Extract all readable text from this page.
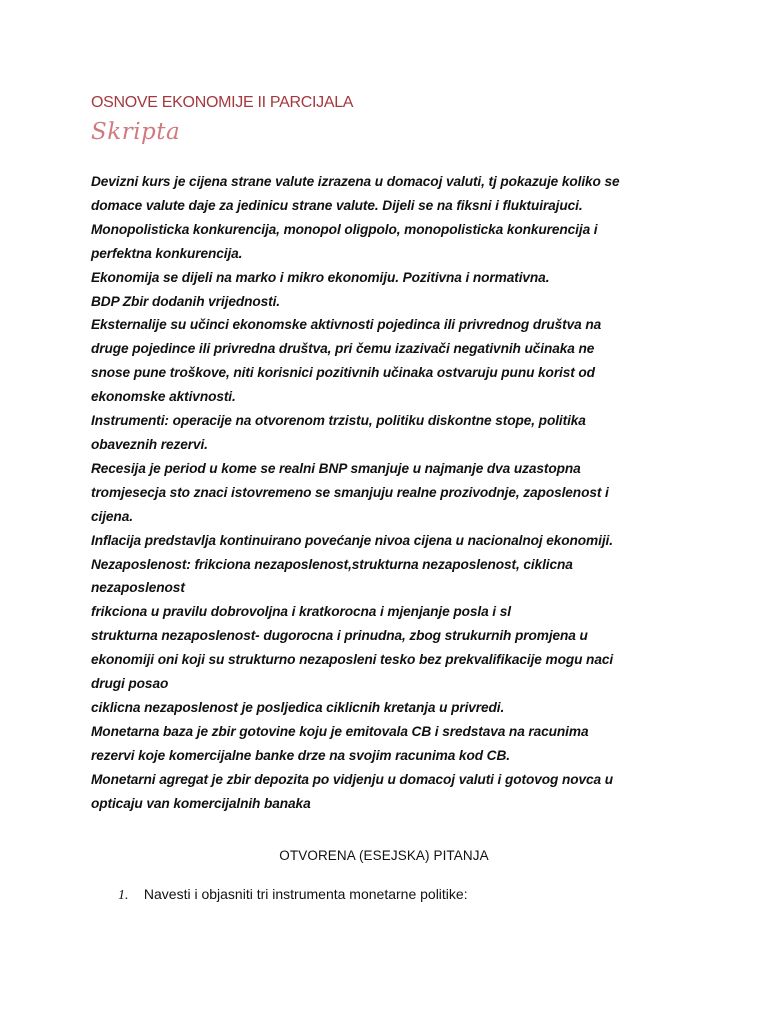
OSNOVE EKONOMIJE II PARCIJALA
Skripta
Devizni kurs je cijena strane valute izrazena u domacoj valuti, tj pokazuje koliko se
domace valute daje za jedinicu strane valute. Dijeli se na fiksni i fluktuirajuci.
Monopolisticka konkurencija, monopol oligpolo, monopolisticka konkurencija i
perfektna konkurencija.
Ekonomija se dijeli na marko i mikro ekonomiju. Pozitivna i normativna.
BDP Zbir dodanih vrijednosti.
Eksternalije su učinci ekonomske aktivnosti pojedinca ili privrednog društva na
druge pojedince ili privredna društva, pri čemu izazivači negativnih učinaka ne
snose pune troškove, niti korisnici pozitivnih učinaka ostvaruju punu korist od
ekonomske aktivnosti.
Instrumenti: operacije na otvorenom trzistu, politiku diskontne stope, politika
obaveznih rezervi.
Recesija je period u kome se realni BNP smanjuje u najmanje dva uzastopna
tromjesecja sto znaci istovremeno se smanjuju realne prozivodnje, zaposlenost i
cijena.
Inflacija predstavlja kontinuirano povećanje nivoa cijena u nacionalnoj ekonomiji.
Nezaposlenost: frikciona nezaposlenost,strukturna nezaposlenost, ciklicna
nezaposlenost
frikciona u pravilu dobrovoljna i kratkorocna i mjenjanje posla i sl
strukturna nezaposlenost- dugorocna i prinudna, zbog strukurnih promjena u
ekonomiji oni koji su strukturno nezaposleni tesko bez prekvalifikacije mogu naci
drugi posao
ciklicna nezaposlenost je posljedica ciklicnih kretanja u privredi.
Monetarna baza je zbir gotovine koju je emitovala CB i sredstava na racunima
rezervi koje komercijalne banke drze na svojim racunima kod CB.
Monetarni agregat je zbir depozita po vidjenju u domacoj valuti i gotovog novca u
opticaju van komercijalnih banaka
OTVORENA (ESEJSKA) PITANJA
1. Navesti i objasniti tri instrumenta monetarne politike:
